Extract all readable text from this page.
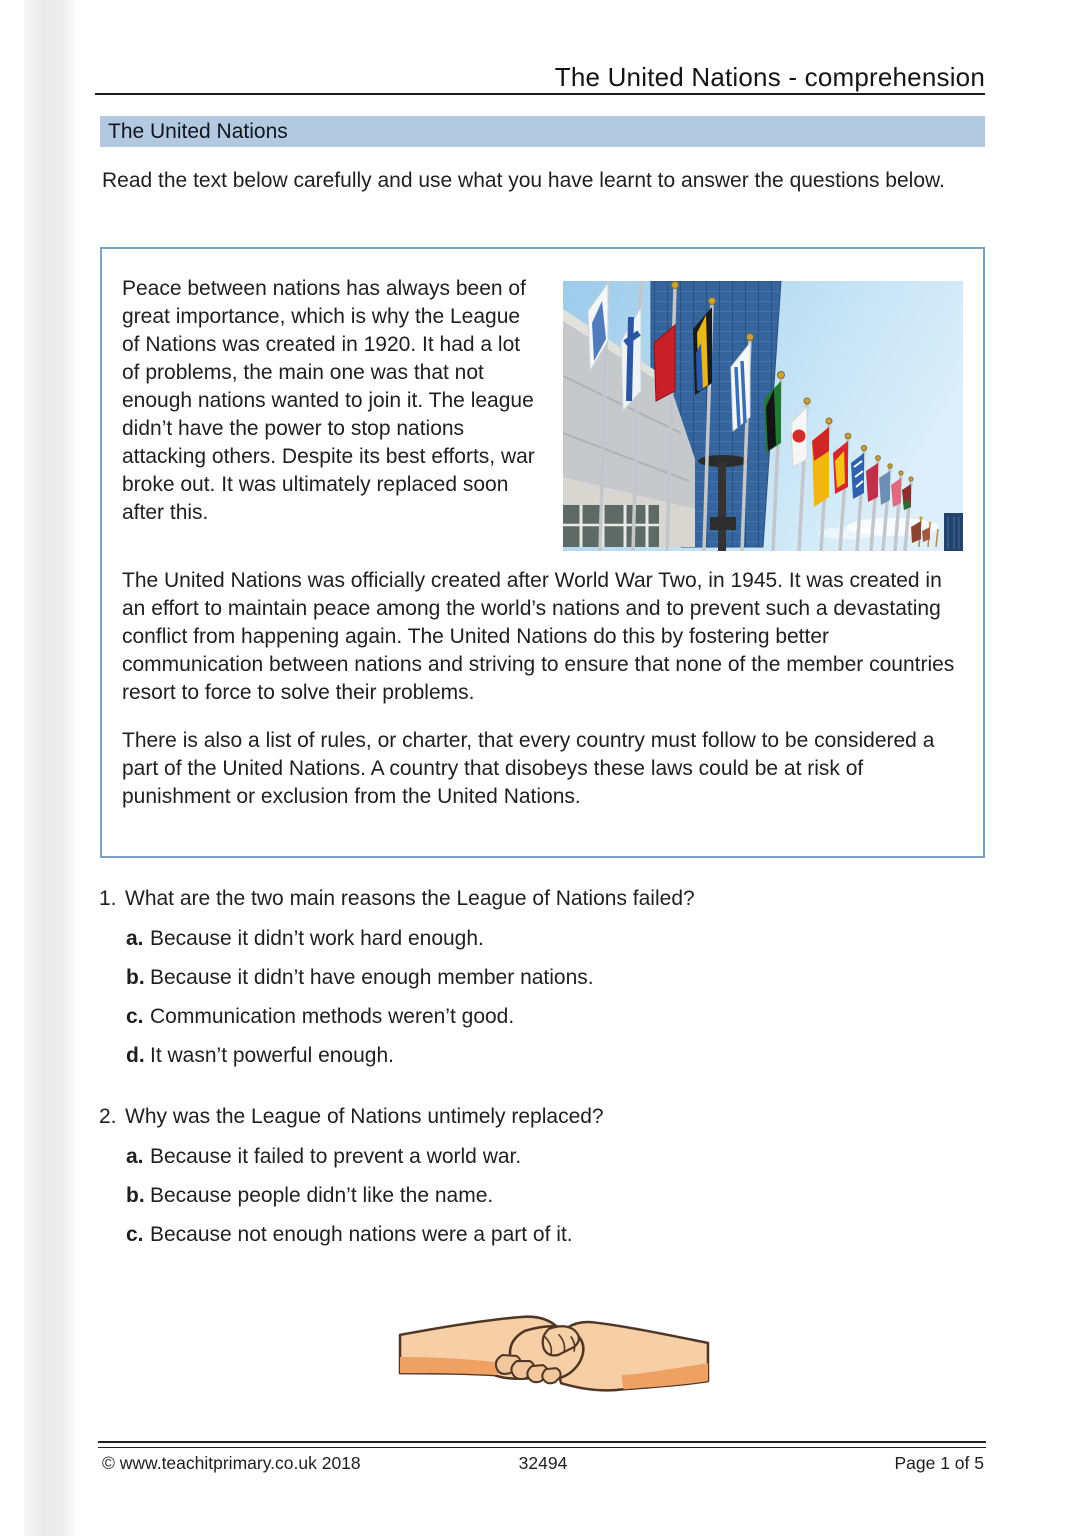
The United Nations - comprehension
The United Nations

Read the text below carefully and use what you have learnt to answer the questions below.

Peace between nations has always been of great importance, which is why the League of Nations was created in 1920. It had a lot of problems, the main one was that not enough nations wanted to join it. The league didn’t have the power to stop nations attacking others. Despite its best efforts, war broke out. It was ultimately replaced soon after this.

The United Nations was officially created after World War Two, in 1945. It was created in an effort to maintain peace among the world’s nations and to prevent such a devastating conflict from happening again. The United Nations do this by fostering better communication between nations and striving to ensure that none of the member countries resort to force to solve their problems.

There is also a list of rules, or charter, that every country must follow to be considered a part of the United Nations. A country that disobeys these laws could be at risk of punishment or exclusion from the United Nations.

1. What are the two main reasons the League of Nations failed?
a. Because it didn’t work hard enough.
b. Because it didn’t have enough member nations.
c. Communication methods weren’t good.
d. It wasn’t powerful enough.
2. Why was the League of Nations untimely replaced?
a. Because it failed to prevent a world war.
b. Because people didn’t like the name.
c. Because not enough nations were a part of it.
© www.teachitprimary.co.uk 2018	32494	Page 1 of 5
